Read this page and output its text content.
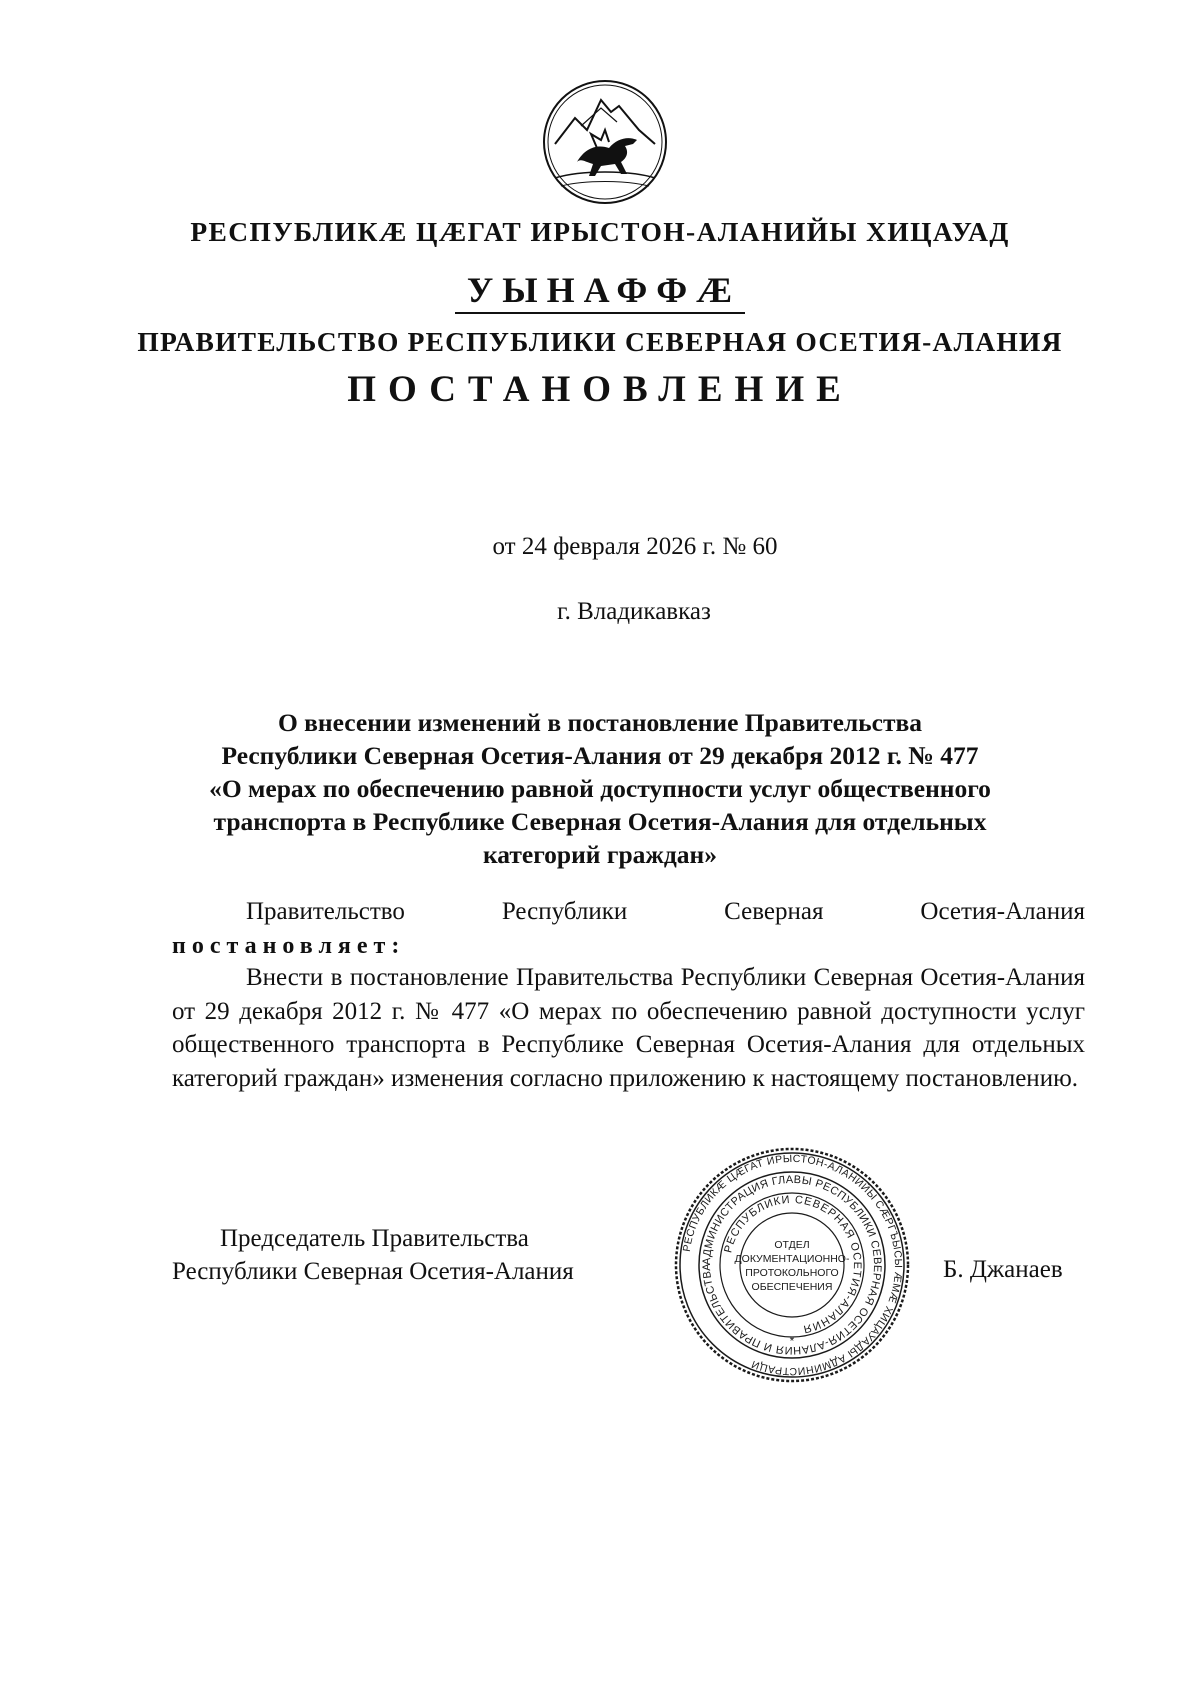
РЕСПУБЛИКӔ ЦӔГАТ ИРЫСТОН-АЛАНИЙЫ ХИЦАУАД
УЫНАФФӔ
ПРАВИТЕЛЬСТВО РЕСПУБЛИКИ СЕВЕРНАЯ ОСЕТИЯ-АЛАНИЯ
ПОСТАНОВЛЕНИЕ
от 24 февраля 2026 г. № 60
г. Владикавказ
О внесении изменений в постановление Правительства
Республики Северная Осетия-Алания от 29 декабря 2012 г. № 477
«О мерах по обеспечению равной доступности услуг общественного
транспорта в Республике Северная Осетия-Алания для отдельных
категорий граждан»
Правительство	Республики	Северная	Осетия-Алания
постановляет:
Внести в постановление Правительства Республики Северная Осетия-Алания от 29 декабря 2012 г. № 477 «О мерах по обеспечению равной доступности услуг общественного транспорта в Республике Северная Осетия-Алания для отдельных категорий граждан» изменения согласно приложению к настоящему постановлению.
Председатель Правительства
Республики Северная Осетия-Алания
РЕСПУБЛИКӔ ЦӔГАТ ИРЫСТОН-АЛАНИЙЫ СӔРГЪЫСЫ ӔМӔ ХИЦАУАДЫ АДМИНИСТРАЦИ
АДМИНИСТРАЦИЯ ГЛАВЫ РЕСПУБЛИКИ СЕВЕРНАЯ ОСЕТИЯ-АЛАНИЯ И ПРАВИТЕЛЬСТВА
РЕСПУБЛИКИ СЕВЕРНАЯ ОСЕТИЯ-АЛАНИЯ
ОТДЕЛ
ДОКУМЕНТАЦИОННО-
ПРОТОКОЛЬНОГО
ОБЕСПЕЧЕНИЯ
*
Б. Джанаев
